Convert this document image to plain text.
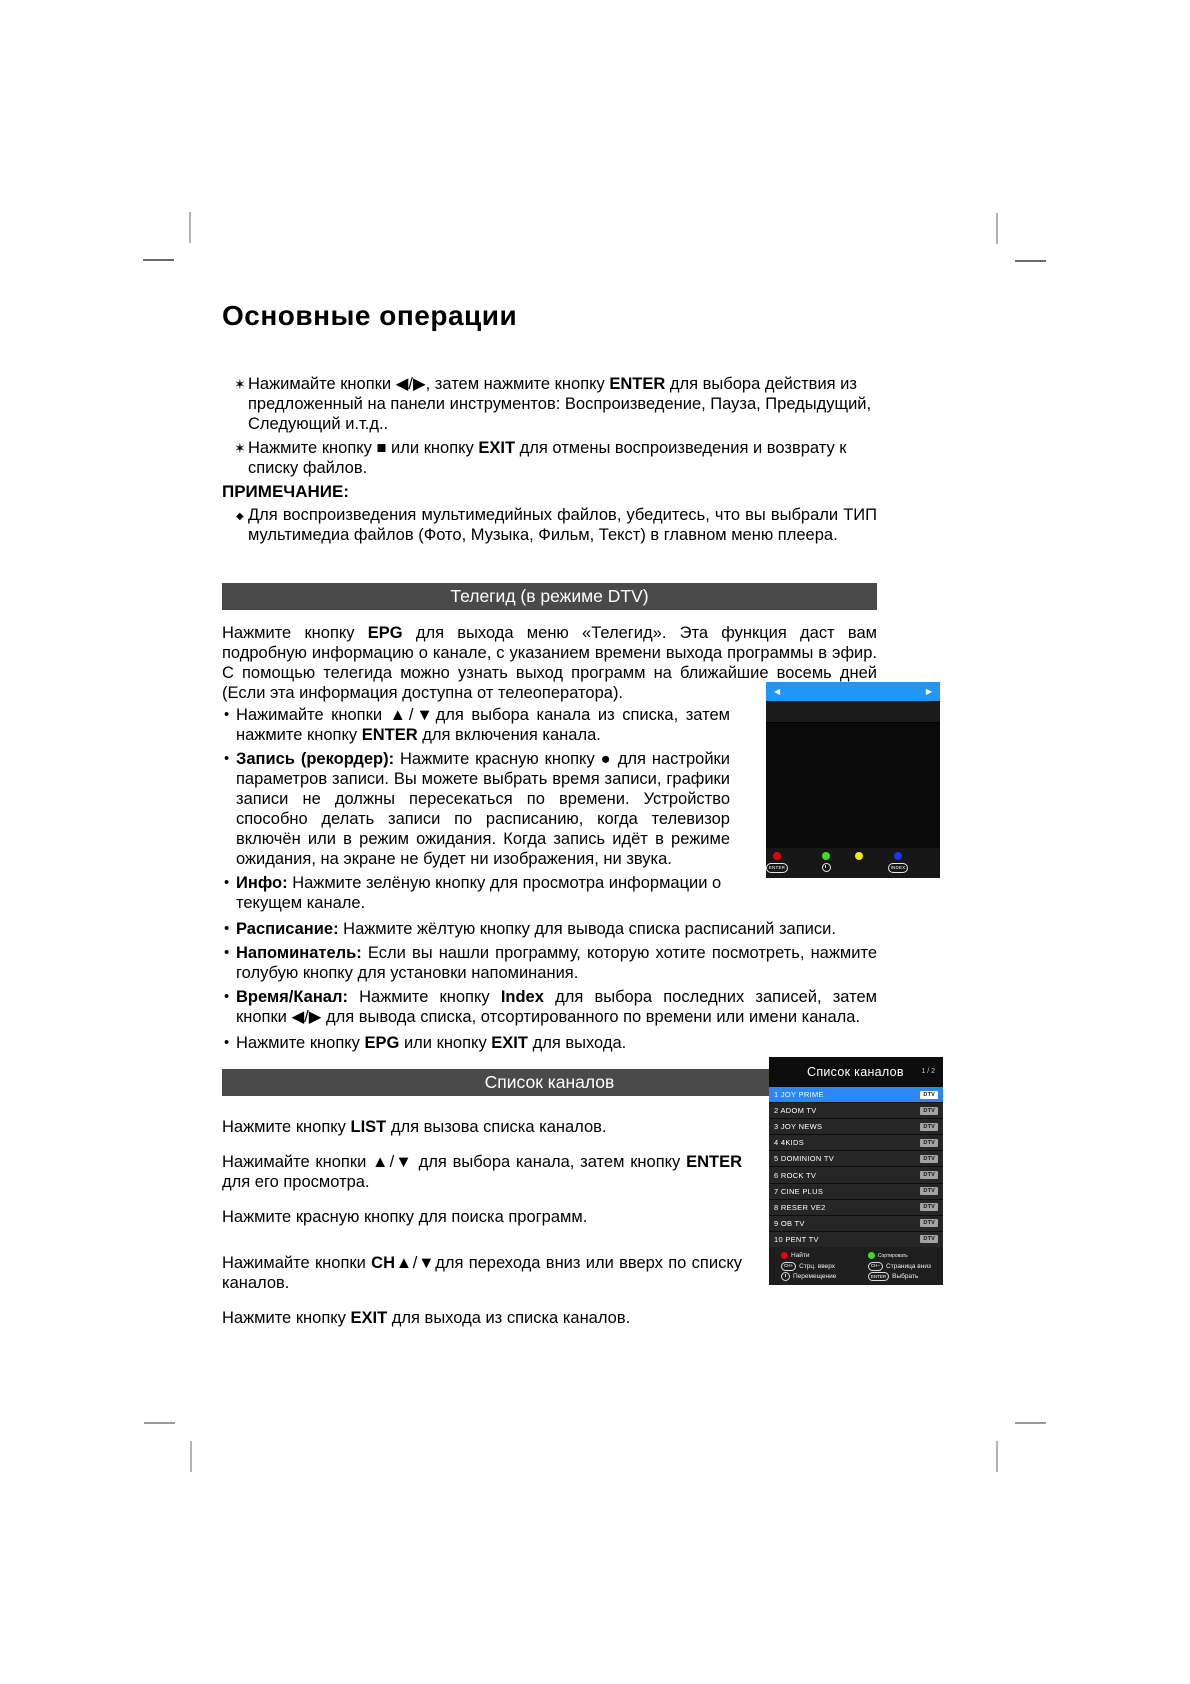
Основные операции
✶ Нажимайте кнопки ◀/▶, затем нажмите кнопку ENTER для выбора действия из предложенный на панели инструментов: Воспроизведение, Пауза, Предыдущий, Следующий и.т.д..

✶ Нажмите кнопку ■ или кнопку EXIT для отмены воспроизведения и возврату к списку файлов.

ПРИМЕЧАНИЕ:
◆ Для воспроизведения мультимедийных файлов, убедитесь, что вы выбрали ТИП мультимедиа файлов (Фото, Музыка, Фильм, Текст) в главном меню плеера.

Телегид (в режиме DTV)

Нажмите кнопку EPG для выхода меню «Телегид». Эта функция даст вам подробную информацию о канале, с указанием времени выхода программы в эфир. С помощью телегида можно узнать выход программ на ближайшие восемь дней (Если эта информация доступна от телеоператора).

• Нажимайте кнопки ▲/▼для выбора канала из списка, затем нажмите кнопку ENTER для включения канала.

• Запись (рекордер): Нажмите красную кнопку ● для настройки параметров записи. Вы можете выбрать время записи, графики записи не должны пересекаться по времени. Устройство способно делать записи по расписанию, когда телевизор включён или в режим ожидания. Когда запись идёт в режиме ожидания, на экране не будет ни изображения, ни звука.

• Инфо: Нажмите зелёную кнопку для просмотра информации о текущем канале.

• Расписание: Нажмите жёлтую кнопку для вывода списка расписаний записи.

• Напоминатель: Если вы нашли программу, которую хотите посмотреть, нажмите голубую кнопку для установки напоминания.

• Время/Канал: Нажмите кнопку Index для выбора последних записей, затем кнопки ◀/▶ для вывода списка, отсортированного по времени или имени канала.

• Нажмите кнопку EPG или кнопку EXIT для выхода.

Список каналов

Нажмите кнопку LIST для вызова списка каналов.

Нажимайте кнопки ▲/▼ для выбора канала, затем кнопку ENTER для его просмотра.

Нажмите красную кнопку для поиска программ.

Нажимайте кнопки CH▲/▼для перехода вниз или вверх по списку каналов.

Нажмите кнопку EXIT для выхода из списка каналов.

◀	▶
ENTER	INDEX
Список каналов	1 / 2
1 JOY PRIME	DTV
2 ADOM TV	DTV
3 JOY NEWS	DTV
4 4KIDS	DTV
5 DOMINION TV	DTV
6 ROCK TV	DTV
7 CINE PLUS	DTV
8 RESER VE2	DTV
9 OB TV	DTV
10 PENT TV	DTV
Найти	Сортировать
CH+ Стрц. вверх	CH− Страница вниз
Перемещение	ENTER Выбрать
